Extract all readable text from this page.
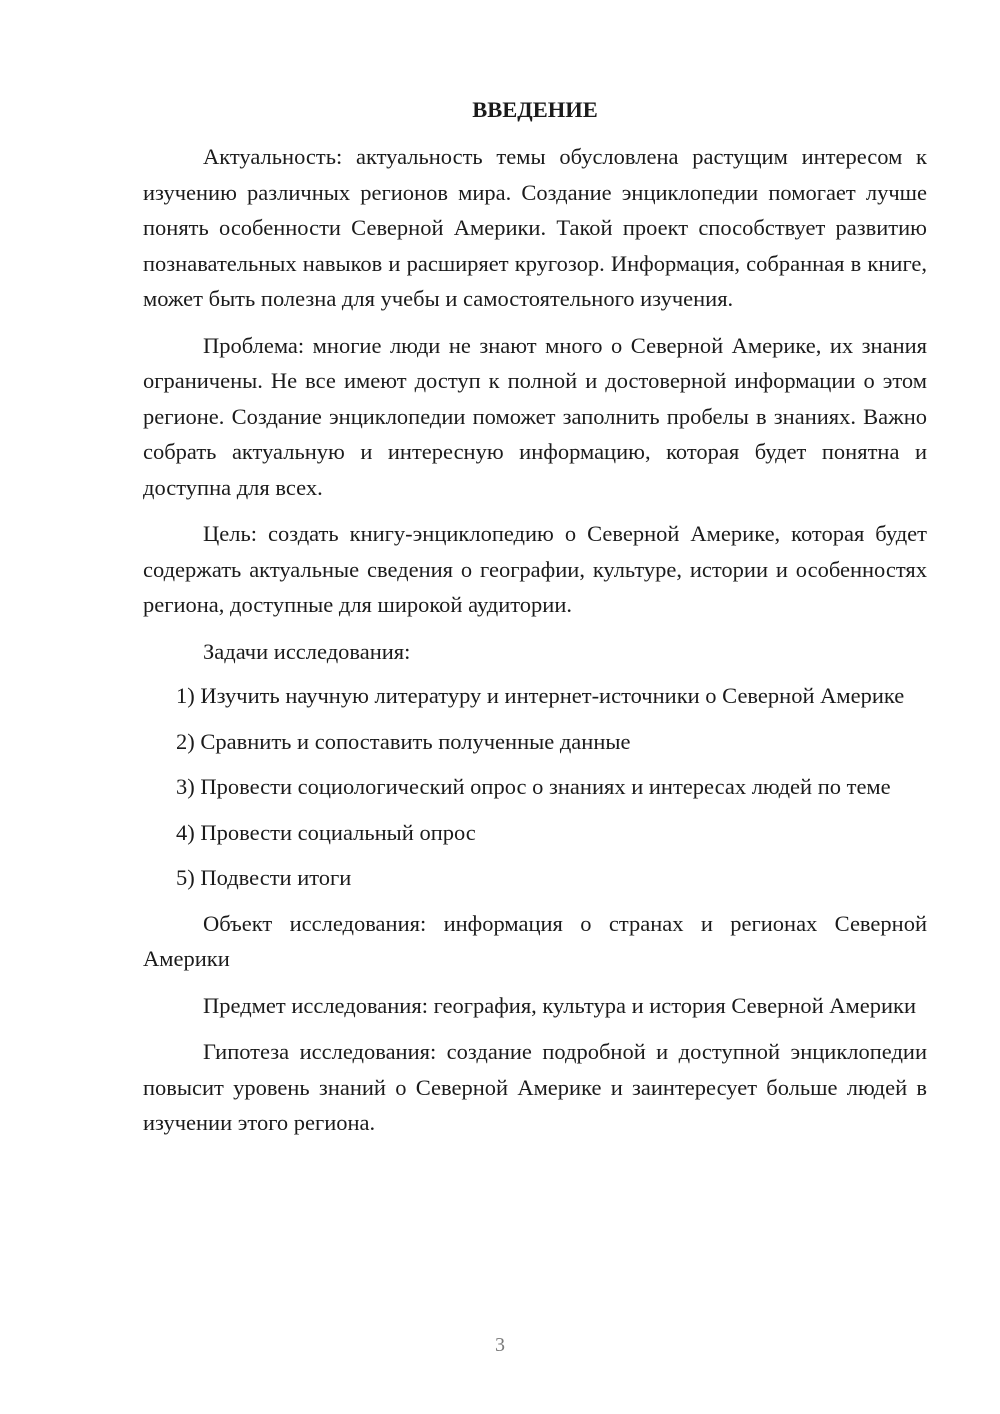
ВВЕДЕНИЕ

Актуальность: актуальность темы обусловлена растущим интересом к изучению различных регионов мира. Создание энциклопедии помогает лучше понять особенности Северной Америки. Такой проект способствует развитию познавательных навыков и расширяет кругозор. Информация, собранная в книге, может быть полезна для учебы и самостоятельного изучения.

Проблема: многие люди не знают много о Северной Америке, их знания ограничены. Не все имеют доступ к полной и достоверной информации о этом регионе. Создание энциклопедии поможет заполнить пробелы в знаниях. Важно собрать актуальную и интересную информацию, которая будет понятна и доступна для всех.

Цель: создать книгу-энциклопедию о Северной Америке, которая будет содержать актуальные сведения о географии, культуре, истории и особенностях региона, доступные для широкой аудитории.

Задачи исследования:

1) Изучить научную литературу и интернет-источники о Северной Америке
2) Сравнить и сопоставить полученные данные
3) Провести социологический опрос о знаниях и интересах людей по теме
4) Провести социальный опрос
5) Подвести итоги

Объект исследования: информация о странах и регионах Северной Америки

Предмет исследования: география, культура и история Северной Америки

Гипотеза исследования: создание подробной и доступной энциклопедии повысит уровень знаний о Северной Америке и заинтересует больше людей в изучении этого региона.

3
